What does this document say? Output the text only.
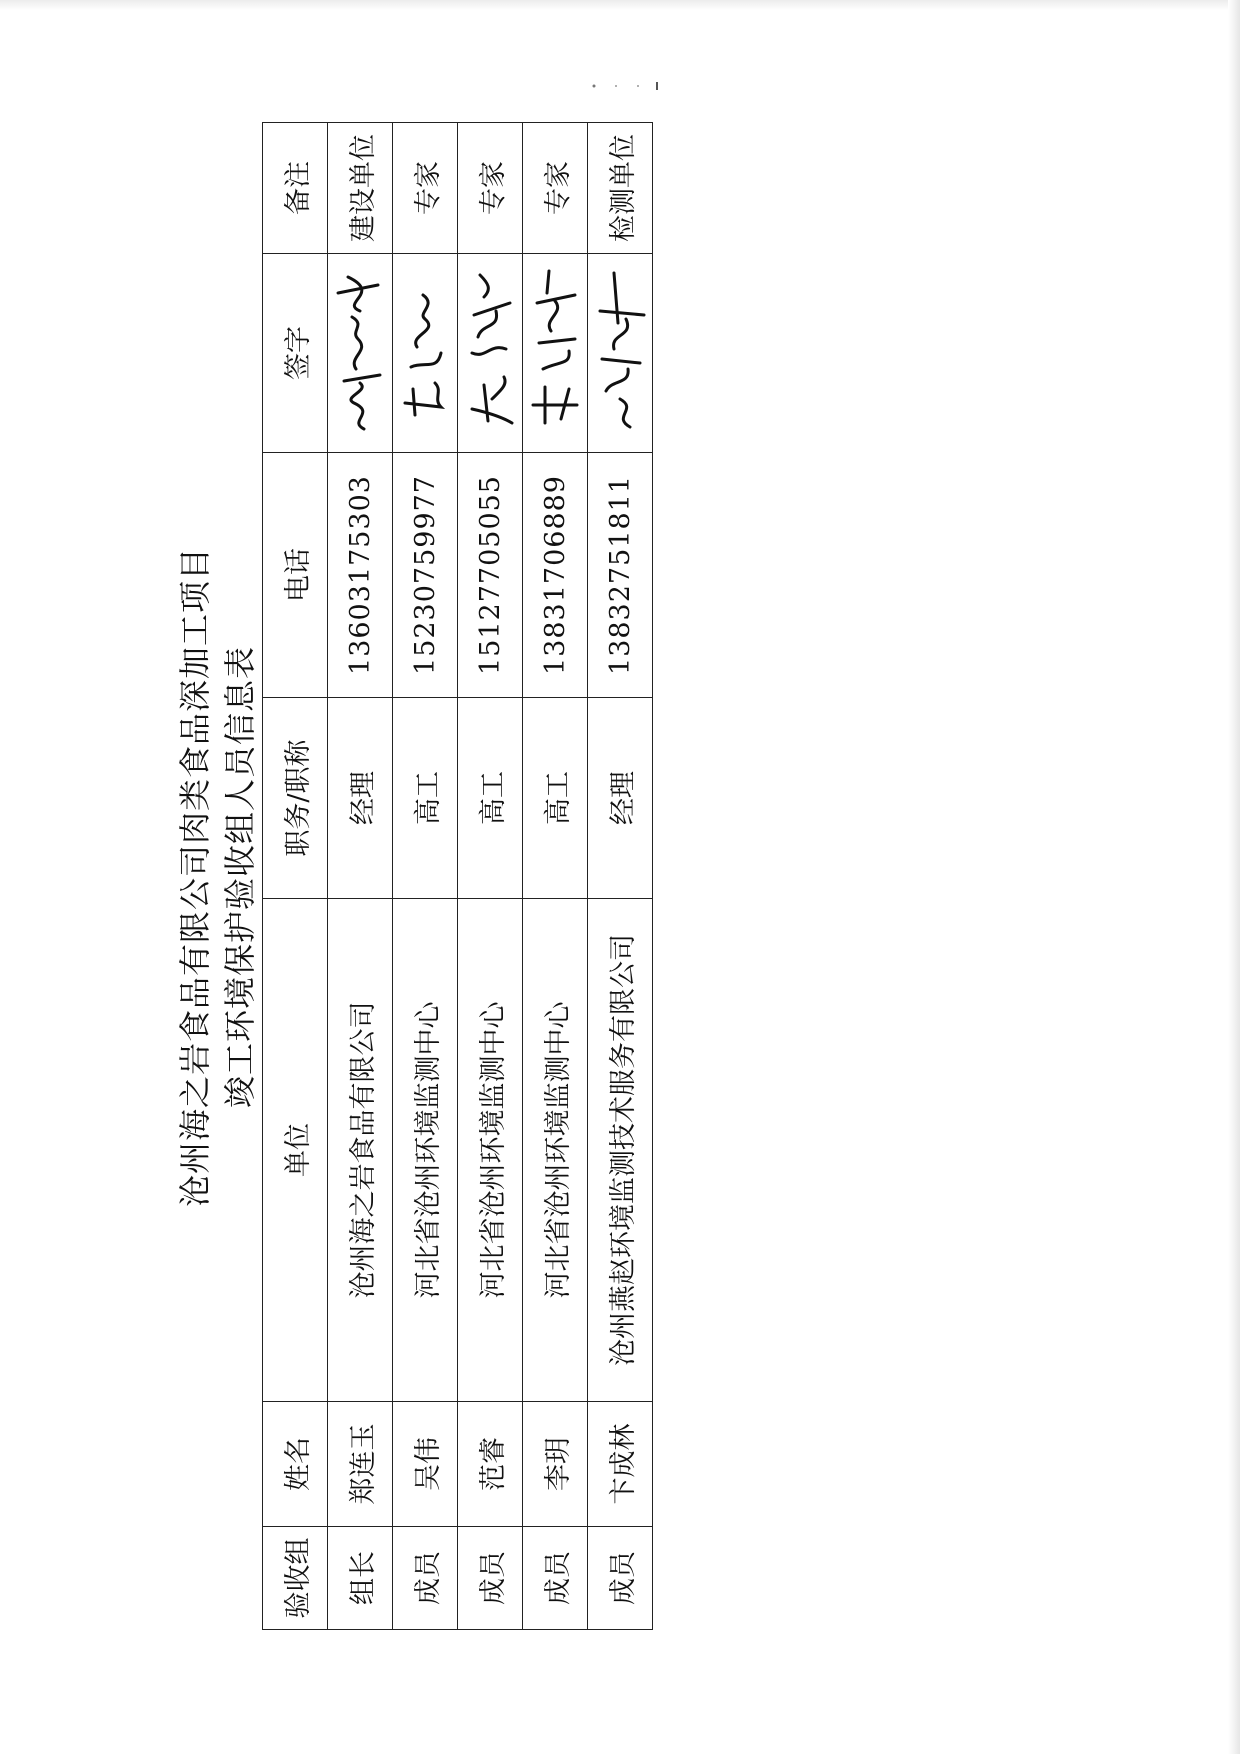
沧州海之岩食品有限公司肉类食品深加工项目 竣工环境保护验收组人员信息表
验收组	姓名	单位	职务/职称	电话	签字	备注
组长	郑连玉	沧州海之岩食品有限公司	经理	13603175303		建设单位
成员	吴伟	河北省沧州环境监测中心	高工	15230759977		专家
成员	范睿	河北省沧州环境监测中心	高工	15127705055		专家
成员	李玥	河北省沧州环境监测中心	高工	13831706889		专家
成员	卞成林	沧州燕赵环境监测技术服务有限公司	经理	13832751811		检测单位
